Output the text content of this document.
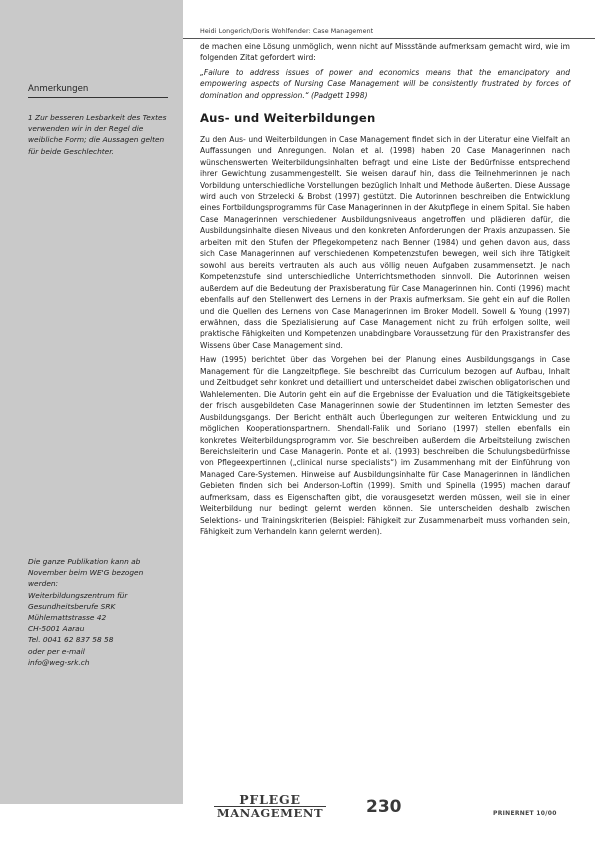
Heidi Longerich/Doris Wohlfender: Case Management
Anmerkungen
1 Zur besseren Lesbarkeit des Textes verwenden wir in der Regel die weibliche Form; die Aussagen gelten für beide Geschlechter.
Die ganze Publikation kann ab
November beim WE'G bezogen
werden:
Weiterbildungszentrum für
Gesundheitsberufe SRK
Mühlemattstrasse 42
CH-5001 Aarau
Tel. 0041 62 837 58 58
oder per e-mail
info@weg-srk.ch

de machen eine Lösung unmöglich, wenn nicht auf Missstände aufmerksam gemacht wird, wie im folgenden Zitat gefordert wird:

„Failure to address issues of power and economics means that the emancipatory and empowering aspects of Nursing Case Management will be consistently frustrated by forces of domination and oppression.“ (Padgett 1998)

Aus- und Weiterbildungen

Zu den Aus- und Weiterbildungen in Case Management findet sich in der Literatur eine Vielfalt an Auffassungen und Anregungen. Nolan et al. (1998) haben 20 Case Managerinnen nach wünschenswerten Weiterbildungsinhalten befragt und eine Liste der Bedürfnisse entsprechend ihrer Gewichtung zusammengestellt. Sie weisen darauf hin, dass die Teilnehmerinnen je nach Vorbildung unterschiedliche Vorstellungen bezüglich Inhalt und Methode äußerten. Diese Aussage wird auch von Strzelecki & Brobst (1997) gestützt. Die Autorinnen beschreiben die Entwicklung eines Fortbildungsprogramms für Case Managerinnen in der Akutpflege in einem Spital. Sie haben Case Managerinnen verschiedener Ausbildungsniveaus angetroffen und plädieren dafür, die Ausbildungsinhalte diesen Niveaus und den konkreten Anforderungen der Praxis anzupassen. Sie arbeiten mit den Stufen der Pflegekompetenz nach Benner (1984) und gehen davon aus, dass sich Case Managerinnen auf verschiedenen Kompetenzstufen bewegen, weil sich ihre Tätigkeit sowohl aus bereits vertrauten als auch aus völlig neuen Aufgaben zusammensetzt. Je nach Kompetenzstufe sind unterschiedliche Unterrichtsmethoden sinnvoll. Die Autorinnen weisen außerdem auf die Bedeutung der Praxisberatung für Case Managerinnen hin. Conti (1996) macht ebenfalls auf den Stellenwert des Lernens in der Praxis aufmerksam. Sie geht ein auf die Rollen und die Quellen des Lernens von Case Managerinnen im Broker Modell. Sowell & Young (1997) erwähnen, dass die Spezialisierung auf Case Management nicht zu früh erfolgen sollte, weil praktische Fähigkeiten und Kompetenzen unabdingbare Voraussetzung für den Praxistransfer des Wissens über Case Management sind.

Haw (1995) berichtet über das Vorgehen bei der Planung eines Ausbildungsgangs in Case Management für die Langzeitpflege. Sie beschreibt das Curriculum bezogen auf Aufbau, Inhalt und Zeitbudget sehr konkret und detailliert und unterscheidet dabei zwischen obligatorischen und Wahlelementen. Die Autorin geht ein auf die Ergebnisse der Evaluation und die Tätigkeitsgebiete der frisch ausgebildeten Case Managerinnen sowie der Studentinnen im letzten Semester des Ausbildungsgangs. Der Bericht enthält auch Überlegungen zur weiteren Entwicklung und zu möglichen Kooperationspartnern. Shendall-Falik und Soriano (1997) stellen ebenfalls ein konkretes Weiterbildungsprogramm vor. Sie beschreiben außerdem die Arbeitsteilung zwischen Bereichsleiterin und Case Managerin. Ponte et al. (1993) beschreiben die Schulungsbedürfnisse von Pflegeexpertinnen („clinical nurse specialists“) im Zusammenhang mit der Einführung von Managed Care-Systemen. Hinweise auf Ausbildungsinhalte für Case Managerinnen in ländlichen Gebieten finden sich bei Anderson-Loftin (1999). Smith und Spinella (1995) machen darauf aufmerksam, dass es Eigenschaften gibt, die vorausgesetzt werden müssen, weil sie in einer Weiterbildung nur bedingt gelernt werden können. Sie unterscheiden deshalb zwischen Selektions- und Trainingskriterien (Beispiel: Fähigkeit zur Zusammenarbeit muss vorhanden sein, Fähigkeit zum Verhandeln kann gelernt werden).

PFLEGE
MANAGEMENT	230	PRINERNET 10/00
